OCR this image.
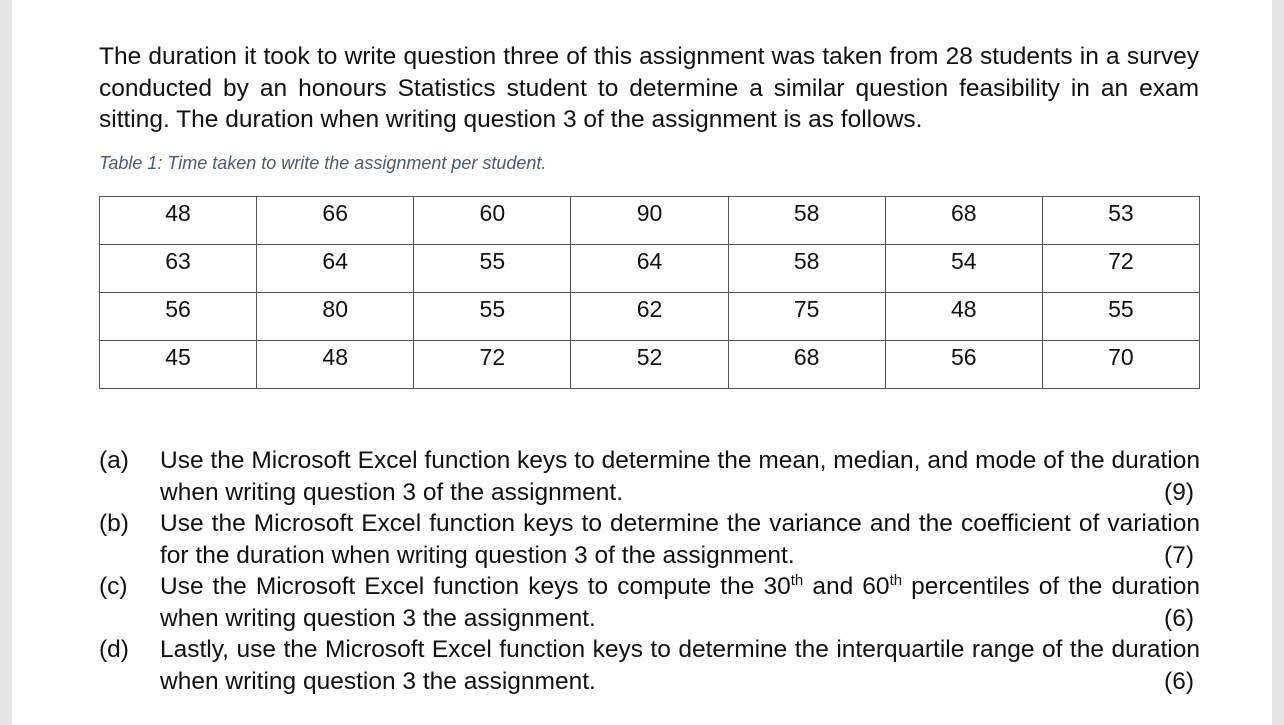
The duration it took to write question three of this assignment was taken from 28 students in a survey conducted by an honours Statistics student to determine a similar question feasibility in an exam sitting. The duration when writing question 3 of the assignment is as follows.

Table 1: Time taken to write the assignment per student.

48	66	60	90	58	68	53
63	64	55	64	58	54	72
56	80	55	62	75	48	55
45	48	72	52	68	56	70
(a)	Use the Microsoft Excel function keys to determine the mean, median, and mode of the duration when writing question 3 of the assignment.	(9)
(b)	Use the Microsoft Excel function keys to determine the variance and the coefficient of variation for the duration when writing question 3 of the assignment.	(7)
(c)	Use the Microsoft Excel function keys to compute the 30th and 60th percentiles of the duration when writing question 3 the assignment.	(6)
(d)	Lastly, use the Microsoft Excel function keys to determine the interquartile range of the duration when writing question 3 the assignment.	(6)
